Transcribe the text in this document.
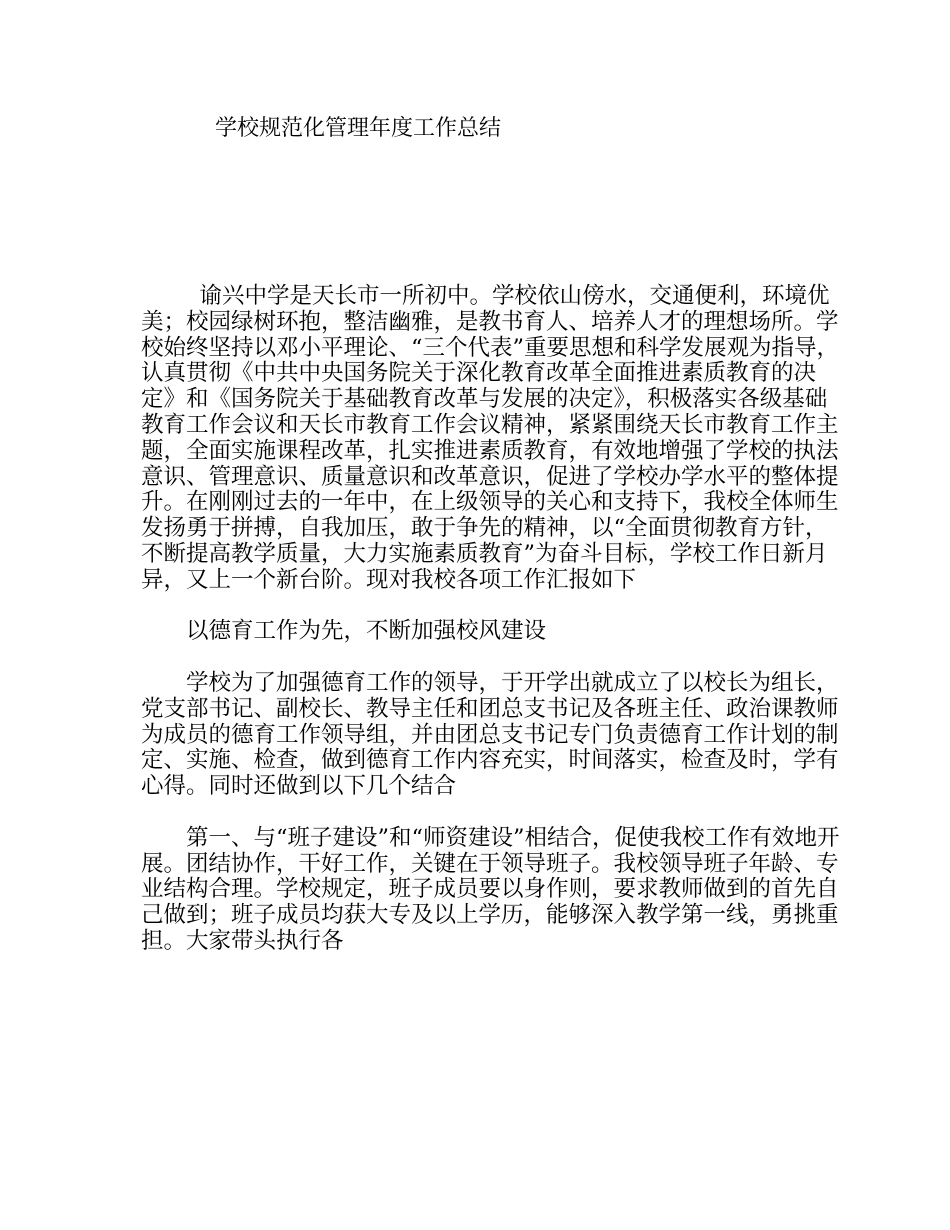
学校规范化管理年度工作总结

谕兴中学是天长市一所初中。学校依山傍水，交通便利，环境优美；校园绿树环抱，整洁幽雅，是教书育人、培养人才的理想场所。学校始终坚持以邓小平理论、“三个代表”重要思想和科学发展观为指导，认真贯彻《中共中央国务院关于深化教育改革全面推进素质教育的决定》和《国务院关于基础教育改革与发展的决定》，积极落实各级基础教育工作会议和天长市教育工作会议精神，紧紧围绕天长市教育工作主题，全面实施课程改革，扎实推进素质教育，有效地增强了学校的执法意识、管理意识、质量意识和改革意识，促进了学校办学水平的整体提升。在刚刚过去的一年中，在上级领导的关心和支持下，我校全体师生发扬勇于拼搏，自我加压，敢于争先的精神，以“全面贯彻教育方针，不断提高教学质量，大力实施素质教育”为奋斗目标，学校工作日新月异，又上一个新台阶。现对我校各项工作汇报如下

以德育工作为先，不断加强校风建设

学校为了加强德育工作的领导，于开学出就成立了以校长为组长，党支部书记、副校长、教导主任和团总支书记及各班主任、政治课教师为成员的德育工作领导组，并由团总支书记专门负责德育工作计划的制定、实施、检查，做到德育工作内容充实，时间落实，检查及时，学有心得。同时还做到以下几个结合

第一、与“班子建设”和“师资建设”相结合，促使我校工作有效地开展。团结协作，干好工作，关键在于领导班子。我校领导班子年龄、专业结构合理。学校规定，班子成员要以身作则，要求教师做到的首先自己做到；班子成员均获大专及以上学历，能够深入教学第一线，勇挑重担。大家带头执行各
